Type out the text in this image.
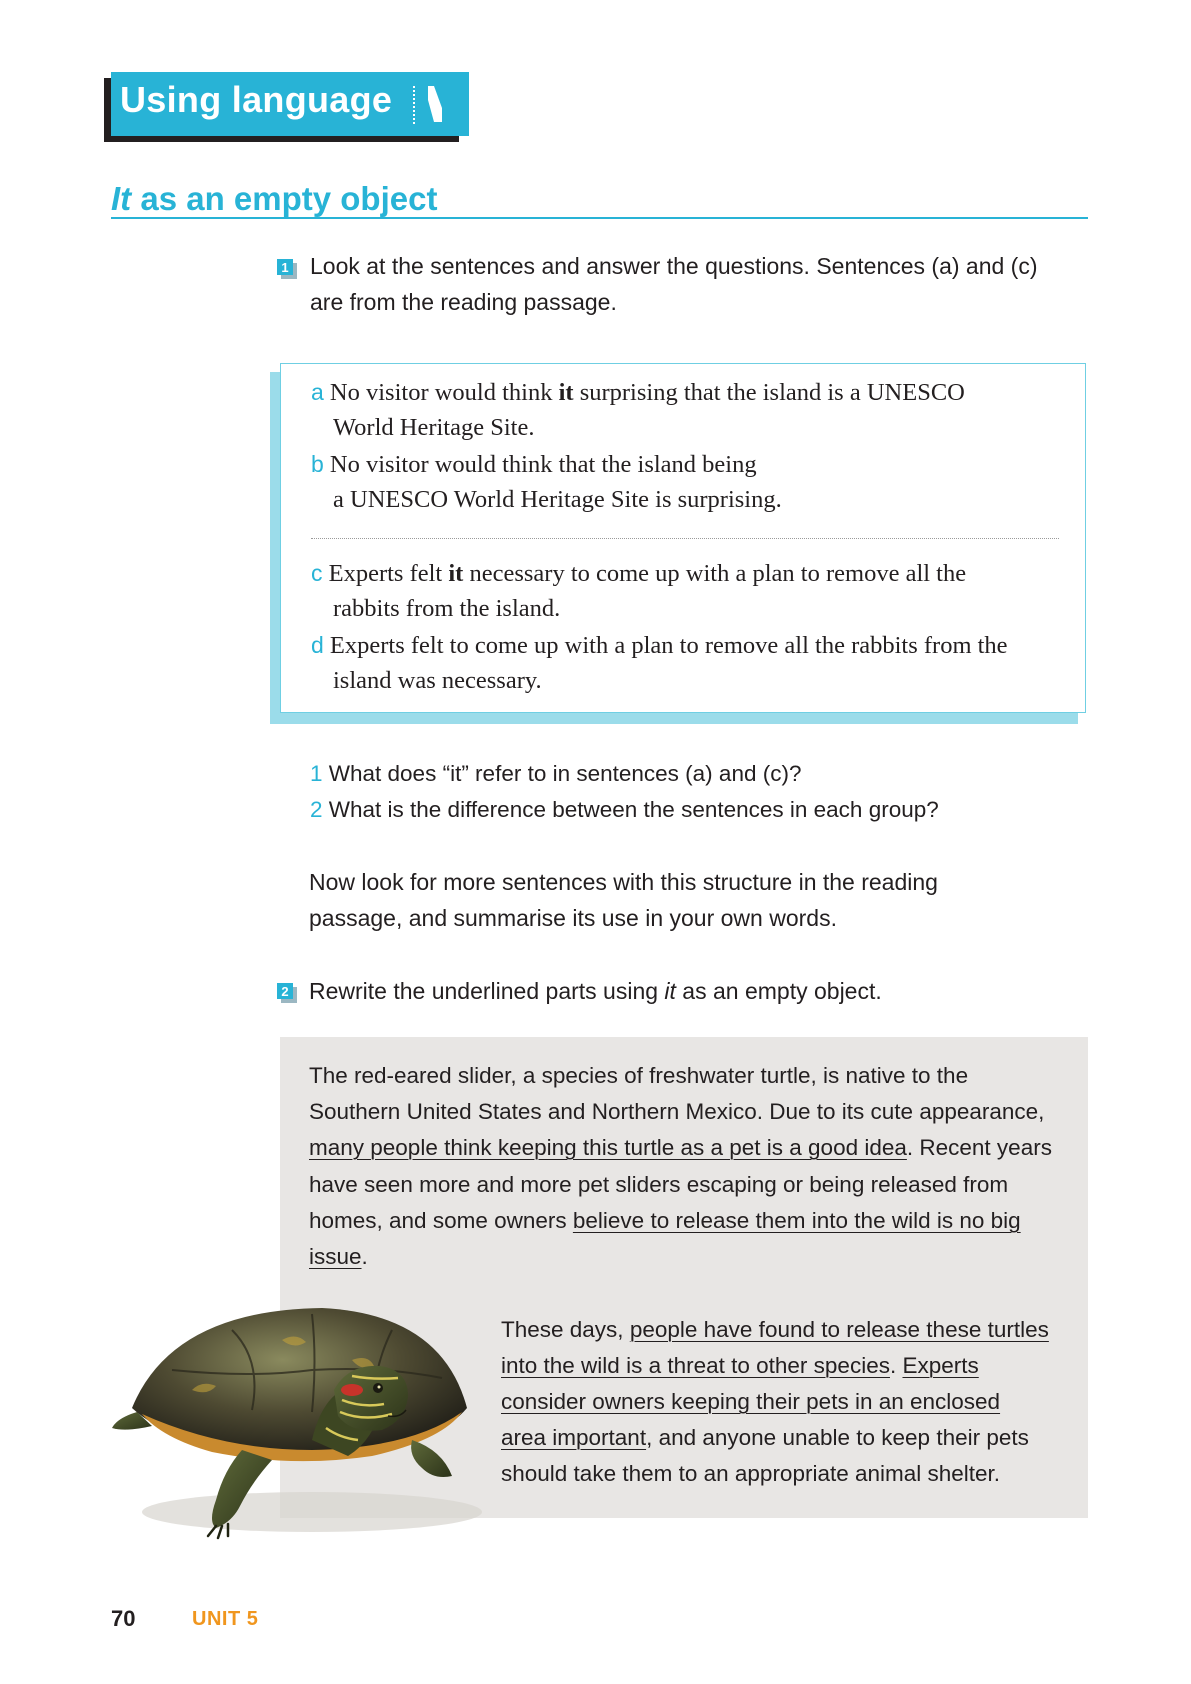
Using language
It as an empty object
1 Look at the sentences and answer the questions. Sentences (a) and (c)
are from the reading passage.
a No visitor would think it surprising that the island is a UNESCO
World Heritage Site.
b No visitor would think that the island being
a UNESCO World Heritage Site is surprising.
c Experts felt it necessary to come up with a plan to remove all the
rabbits from the island.
d Experts felt to come up with a plan to remove all the rabbits from the
island was necessary.
1 What does “it” refer to in sentences (a) and (c)?
2 What is the difference between the sentences in each group?
Now look for more sentences with this structure in the reading
passage, and summarise its use in your own words.
2 Rewrite the underlined parts using it as an empty object.
The red-eared slider, a species of freshwater turtle, is native to the
Southern United States and Northern Mexico. Due to its cute appearance,
many people think keeping this turtle as a pet is a good idea. Recent years
have seen more and more pet sliders escaping or being released from
homes, and some owners believe to release them into the wild is no big
issue.
These days, people have found to release these turtles
into the wild is a threat to other species. Experts
consider owners keeping their pets in an enclosed
area important, and anyone unable to keep their pets
should take them to an appropriate animal shelter.
70	UNIT 5
